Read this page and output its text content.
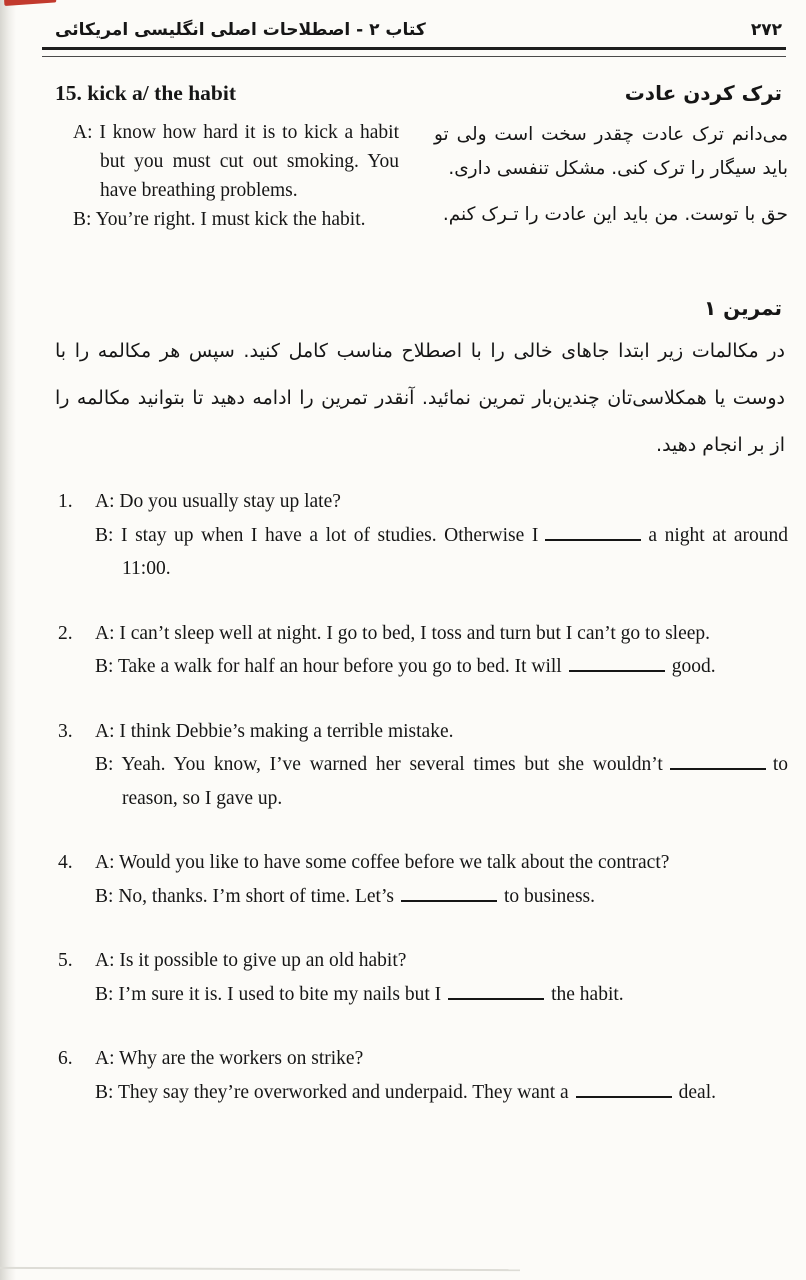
کتاب ۲ - اصطلاحات اصلی انگلیسی امریکائی	۲۷۲
15. kick a/ the habit	ترک کردن عادت

A: I know how hard it is to kick a habit but you must cut out smoking. You have breathing problems.

B: You’re right. I must kick the habit.

می‌دانم ترک عادت چقدر سخت است ولی تو باید سیگار را ترک کنی. مشکل تنفسی داری.

حق با توست. من باید این عادت را تـرک کنم.

تمرین ۱

در مکالمات زیر ابتدا جاهای خالی را با اصطلاح مناسب کامل کنید. سپس هر مکالمه را با دوست یا همکلاسی‌تان چندین‌بار تمرین نمائید. آنقدر تمرین را ادامه دهید تا بتوانید مکالمه را از بر انجام دهید.

1. A: Do you usually stay up late?

B: I stay up when I have a lot of studies. Otherwise I	a night at around 11:00.

2. A: I can’t sleep well at night. I go to bed, I toss and turn but I can’t go to sleep.

B: Take a walk for half an hour before you go to bed. It will	good.

3. A: I think Debbie’s making a terrible mistake.

B: Yeah. You know, I’ve warned her several times but she wouldn’t	to reason, so I gave up.

4. A: Would you like to have some coffee before we talk about the contract?

B: No, thanks. I’m short of time. Let’s	to business.

5. A: Is it possible to give up an old habit?

B: I’m sure it is. I used to bite my nails but I	the habit.

6. A: Why are the workers on strike?

B: They say they’re overworked and underpaid. They want a	deal.
